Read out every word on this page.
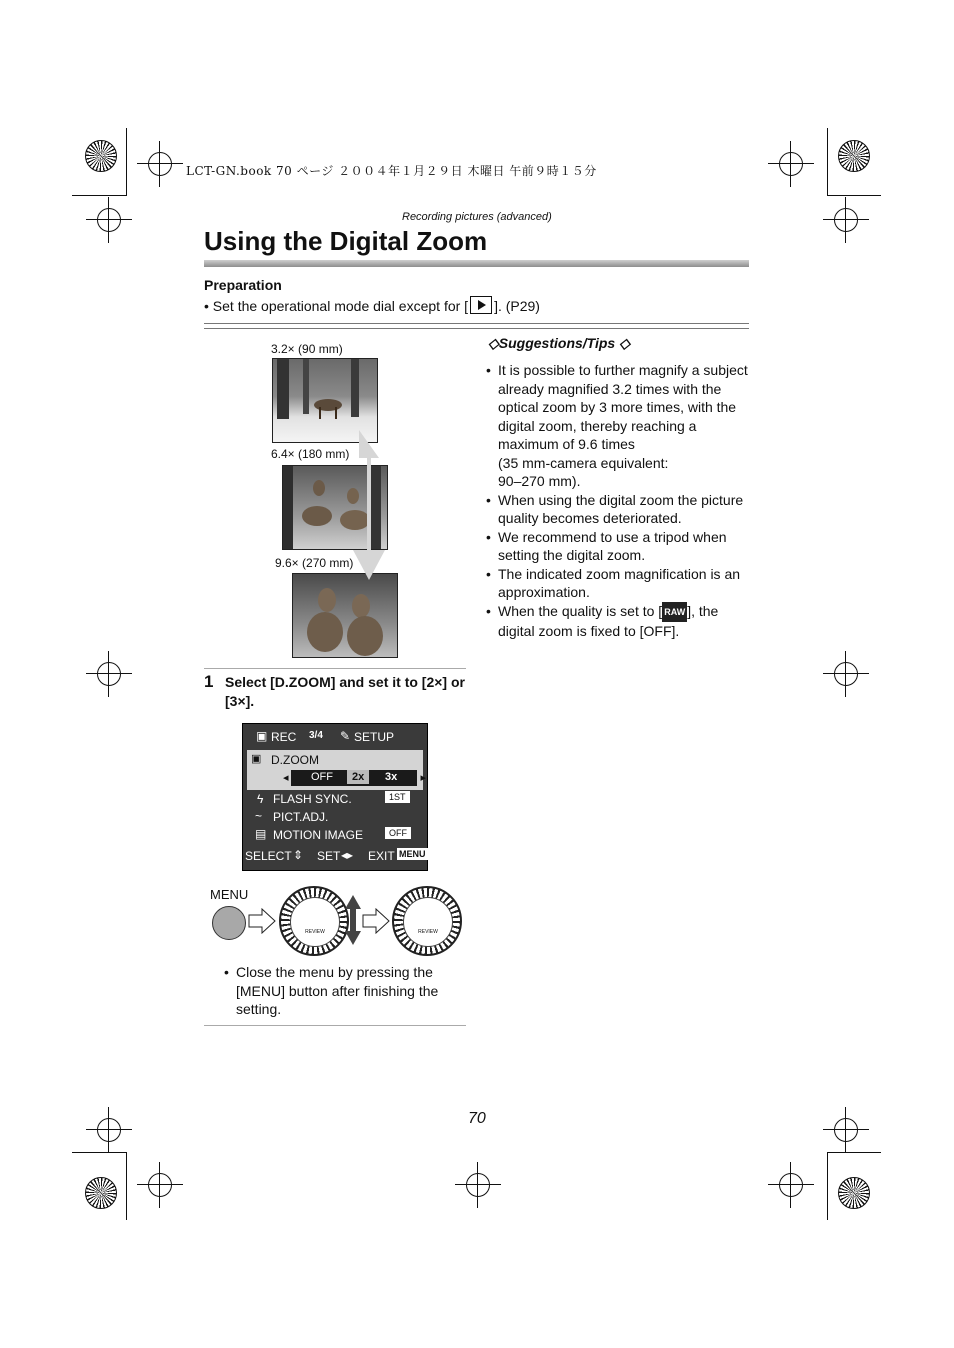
LCT-GN.book 70 ページ ２００４年１月２９日 木曜日 午前９時１５分
Recording pictures (advanced)
Using the Digital Zoom
Preparation
• Set the operational mode dial except for [ ]. (P29)
3.2× (90 mm)
6.4× (180 mm)
9.6× (270 mm)
◇Suggestions/Tips ◇
• It is possible to further magnify a subject already magnified 3.2 times with the optical zoom by 3 more times, with the digital zoom, thereby reaching a maximum of 9.6 times
(35 mm-camera equivalent:
90–270 mm).
• When using the digital zoom the picture quality becomes deteriorated.
• We recommend to use a tripod when setting the digital zoom.
• The indicated zoom magnification is an approximation.
• When the quality is set to [ RAW ], the digital zoom is fixed to [OFF].
1 Select [D.ZOOM] and set it to [2×] or [3×].
▣ REC 3/4 ✎ SETUP
▣ D.ZOOM
◂ OFF	2x	3x ▸
ϟ FLASH SYNC.	1ST
~ PICT.ADJ.
▤ MOTION IMAGE	OFF
SELECT ⇕ SET ◂▸ EXIT MENU
MENU
REVIEW	REVIEW
• Close the menu by pressing the [MENU] button after finishing the setting.
70
